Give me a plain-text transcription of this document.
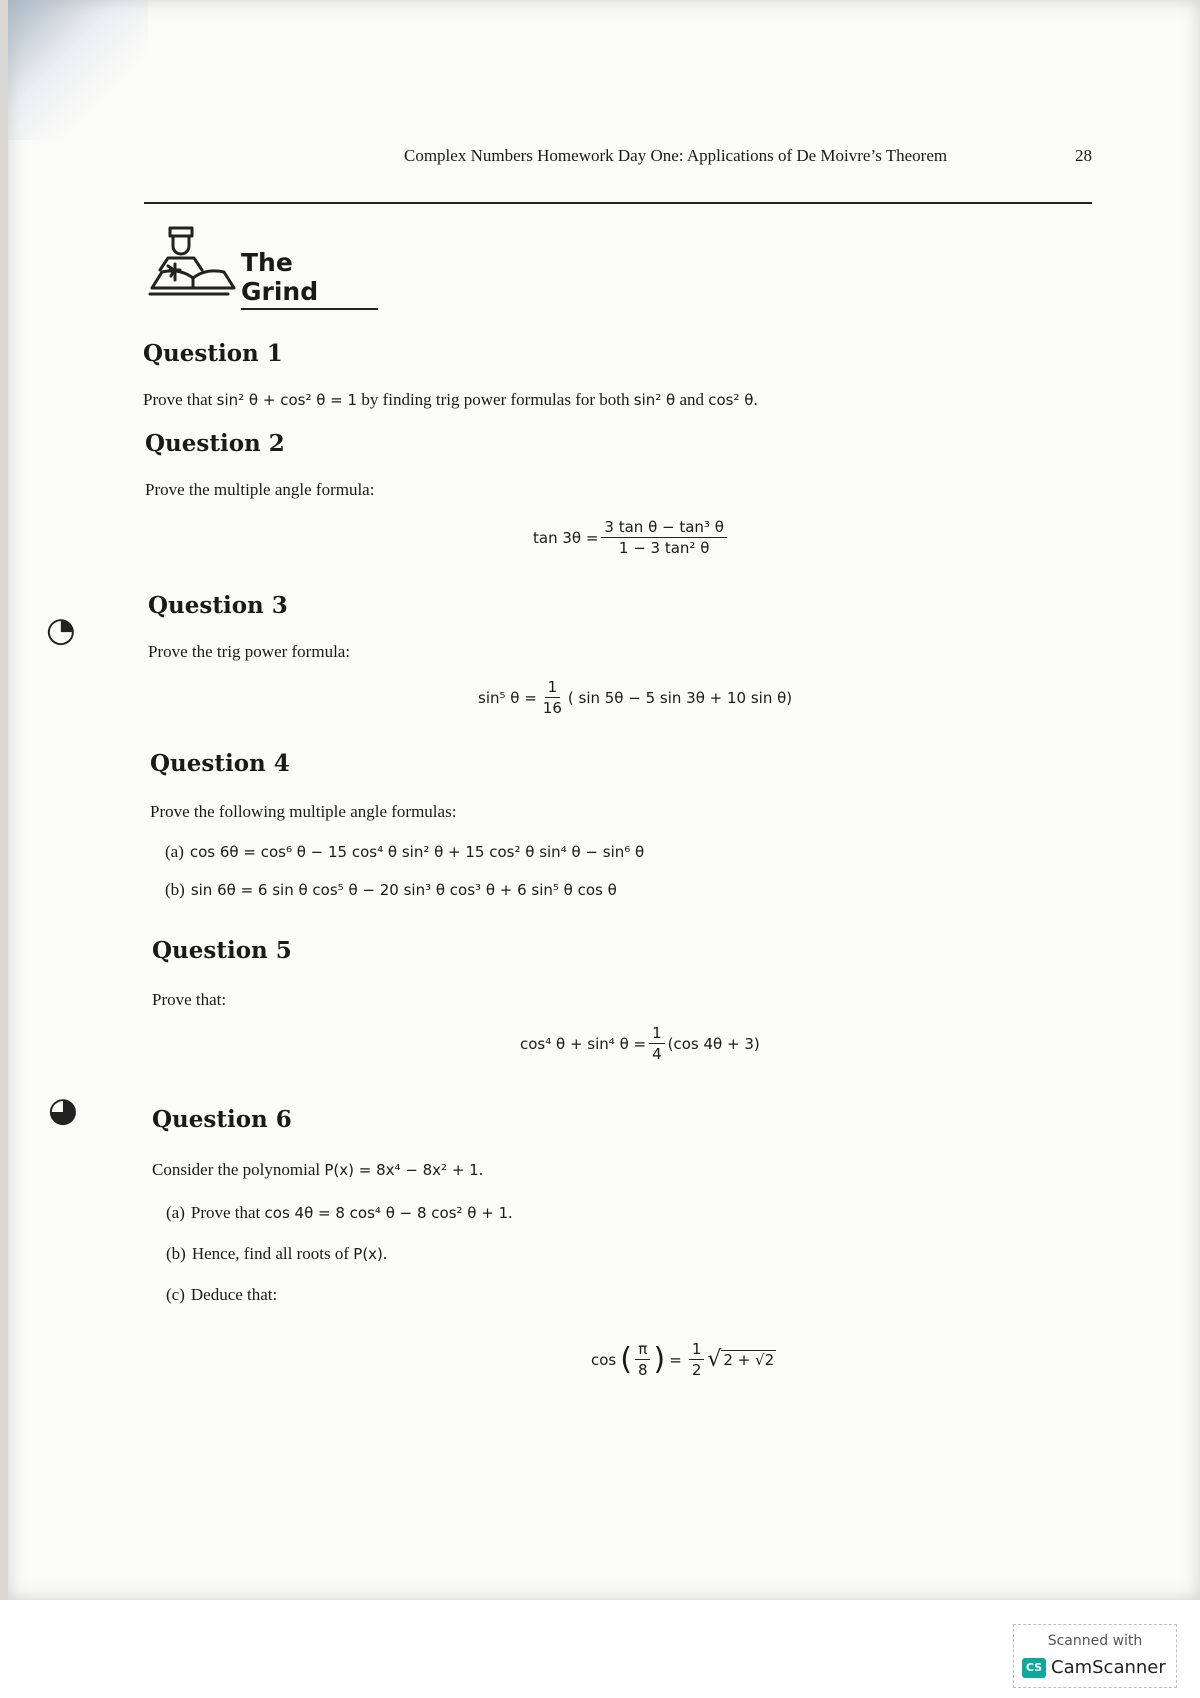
Complex Numbers Homework Day One: Applications of De Moivre’s Theorem	28
The Grind
Question 1
Prove that sin² θ + cos² θ = 1 by finding trig power formulas for both sin² θ and cos² θ.
Question 2
Prove the multiple angle formula:
$\tan 3\theta = \frac{\text{3 tan θ − tan³ θ}}{\text{1 − 3 tan² θ}}$
Question 3
Prove the trig power formula:
sin⁵ $\theta = \frac{1}{16}$ ( sin 5θ − 5 sin 3θ + 10 sin θ)
Question 4
Prove the following multiple angle formulas:
(a) cos 6θ = cos⁶ θ − 15 cos⁴ θ sin² θ + 15 cos² θ sin⁴ θ − sin⁶ θ
(b) sin 6θ = 6 sin θ cos⁵ θ − 20 sin³ θ cos³ θ + 6 sin⁵ θ cos θ
Question 5
Prove that:
cos⁴ θ + sin⁴ $\theta = \frac{1}{4} (\cos$ 4θ + 3)
Question 6
Consider the polynomial P(x) = 8x⁴ − 8x² + 1.
(a) Prove that cos 4θ = 8 cos⁴ θ − 8 cos² θ + 1.
(b) Hence, find all roots of P(x).
(c) Deduce that:
cos ( $\frac{\pi}{8}$ ) = $\frac{1}{2}$ √ 2 + √2
◔
◕
Scanned with
CS CamScanner
